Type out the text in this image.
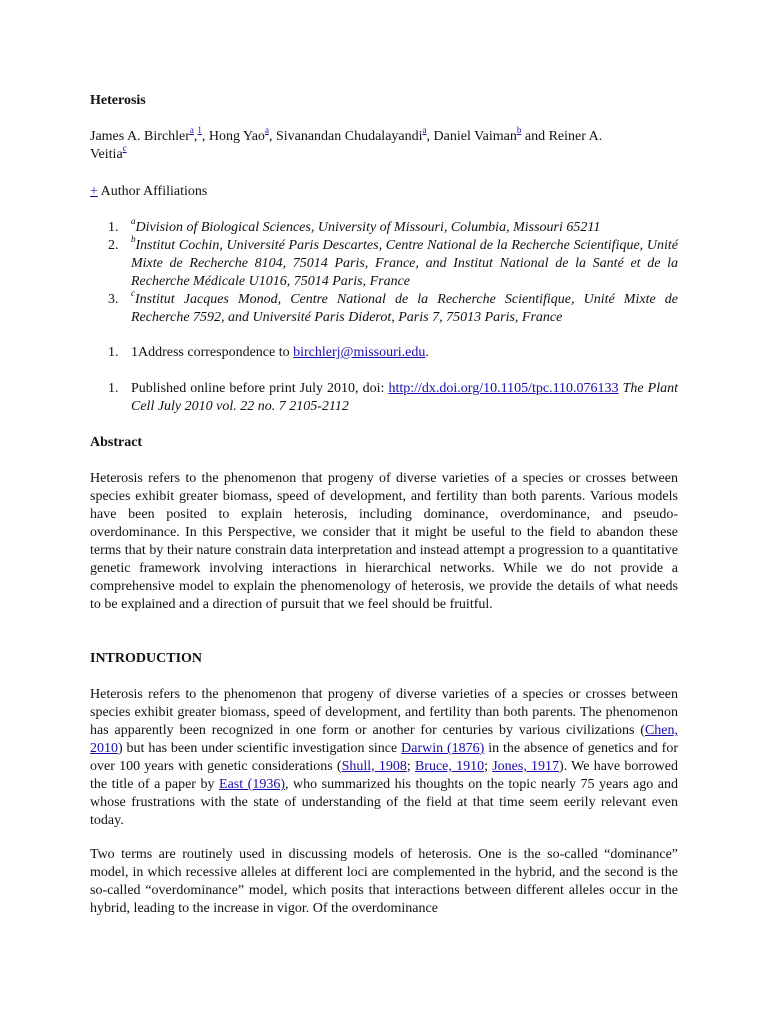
Heterosis
James A. Birchler$^a$,$^1$, Hong Yao$^a$, Sivanandan Chudalayandi$^a$, Daniel Vaiman$^b$ and Reiner A.
Veitia$^c$
+ Author Affiliations
1.	$^a$Division of Biological Sciences, University of Missouri, Columbia, Missouri 65211
2.	$^b$Institut Cochin, Université Paris Descartes, Centre National de la Recherche Scientifique, Unité Mixte de Recherche 8104, 75014 Paris, France, and Institut National de la Santé et de la Recherche Médicale U1016, 75014 Paris, France
3.	$^c$Institut Jacques Monod, Centre National de la Recherche Scientifique, Unité Mixte de Recherche 7592, and Université Paris Diderot, Paris 7, 75013 Paris, France
1. 1Address correspondence to birchlerj@missouri.edu.
1. Published online before print July 2010, doi: http://dx.doi.org/10.1105/tpc.110.076133 The Plant Cell July 2010 vol. 22 no. 7 2105-2112
Abstract
Heterosis refers to the phenomenon that progeny of diverse varieties of a species or crosses between species exhibit greater biomass, speed of development, and fertility than both parents. Various models have been posited to explain heterosis, including dominance, overdominance, and pseudo-overdominance. In this Perspective, we consider that it might be useful to the field to abandon these terms that by their nature constrain data interpretation and instead attempt a progression to a quantitative genetic framework involving interactions in hierarchical networks. While we do not provide a comprehensive model to explain the phenomenology of heterosis, we provide the details of what needs to be explained and a direction of pursuit that we feel should be fruitful.
INTRODUCTION
Heterosis refers to the phenomenon that progeny of diverse varieties of a species or crosses between species exhibit greater biomass, speed of development, and fertility than both parents. The phenomenon has apparently been recognized in one form or another for centuries by various civilizations (Chen, 2010) but has been under scientific investigation since Darwin (1876) in the absence of genetics and for over 100 years with genetic considerations (Shull, 1908; Bruce, 1910; Jones, 1917). We have borrowed the title of a paper by East (1936), who summarized his thoughts on the topic nearly 75 years ago and whose frustrations with the state of understanding of the field at that time seem eerily relevant even today.
Two terms are routinely used in discussing models of heterosis. One is the so-called “dominance” model, in which recessive alleles at different loci are complemented in the hybrid, and the second is the so-called “overdominance” model, which posits that interactions between different alleles occur in the hybrid, leading to the increase in vigor. Of the overdominance
